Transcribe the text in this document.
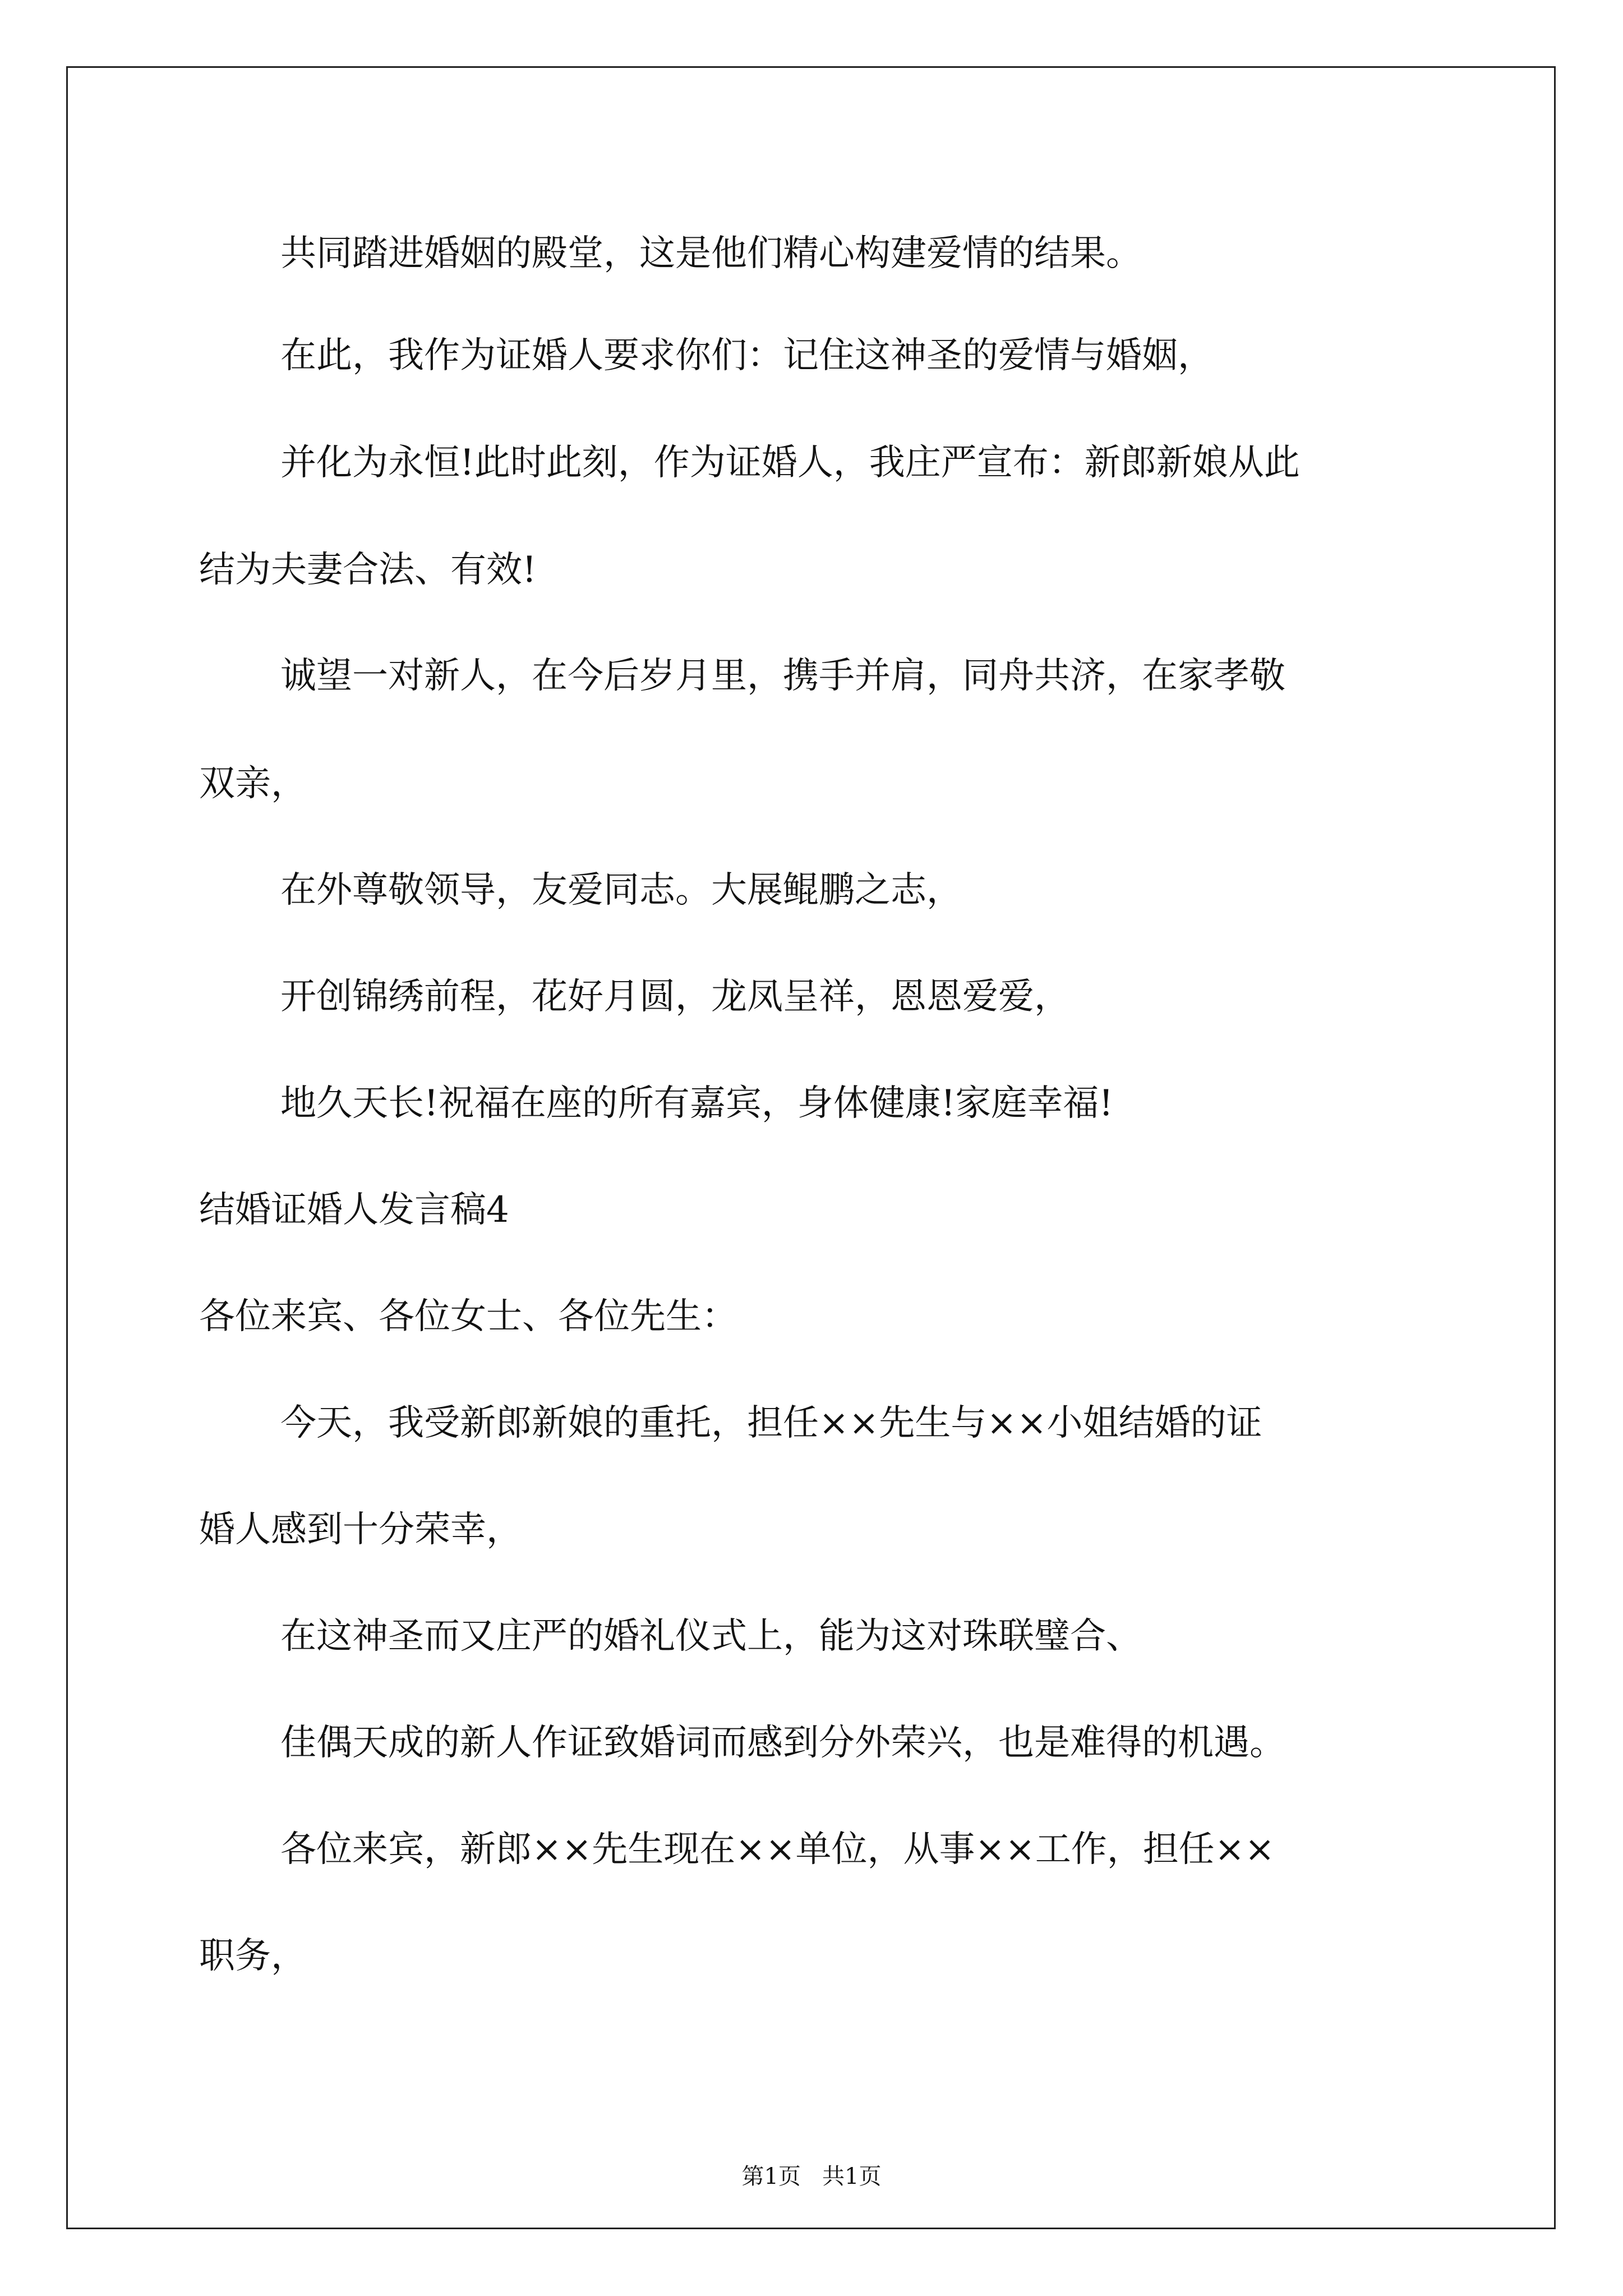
共同踏进婚姻的殿堂，这是他们精心构建爱情的结果。
在此，我作为证婚人要求你们：记住这神圣的爱情与婚姻，
并化为永恒!此时此刻，作为证婚人，我庄严宣布：新郎新娘从此
结为夫妻合法、有效!
诚望一对新人，在今后岁月里，携手并肩，同舟共济，在家孝敬
双亲，
在外尊敬领导，友爱同志。大展鲲鹏之志，
开创锦绣前程，花好月圆，龙凤呈祥，恩恩爱爱，
地久天长!祝福在座的所有嘉宾，身体健康!家庭幸福!
结婚证婚人发言稿4
各位来宾、各位女士、各位先生：
今天，我受新郎新娘的重托，担任××先生与××小姐结婚的证
婚人感到十分荣幸，
在这神圣而又庄严的婚礼仪式上，能为这对珠联璧合、
佳偶天成的新人作证致婚词而感到分外荣兴，也是难得的机遇。
各位来宾，新郎××先生现在××单位，从事××工作，担任××
职务，
第1页   共1页
